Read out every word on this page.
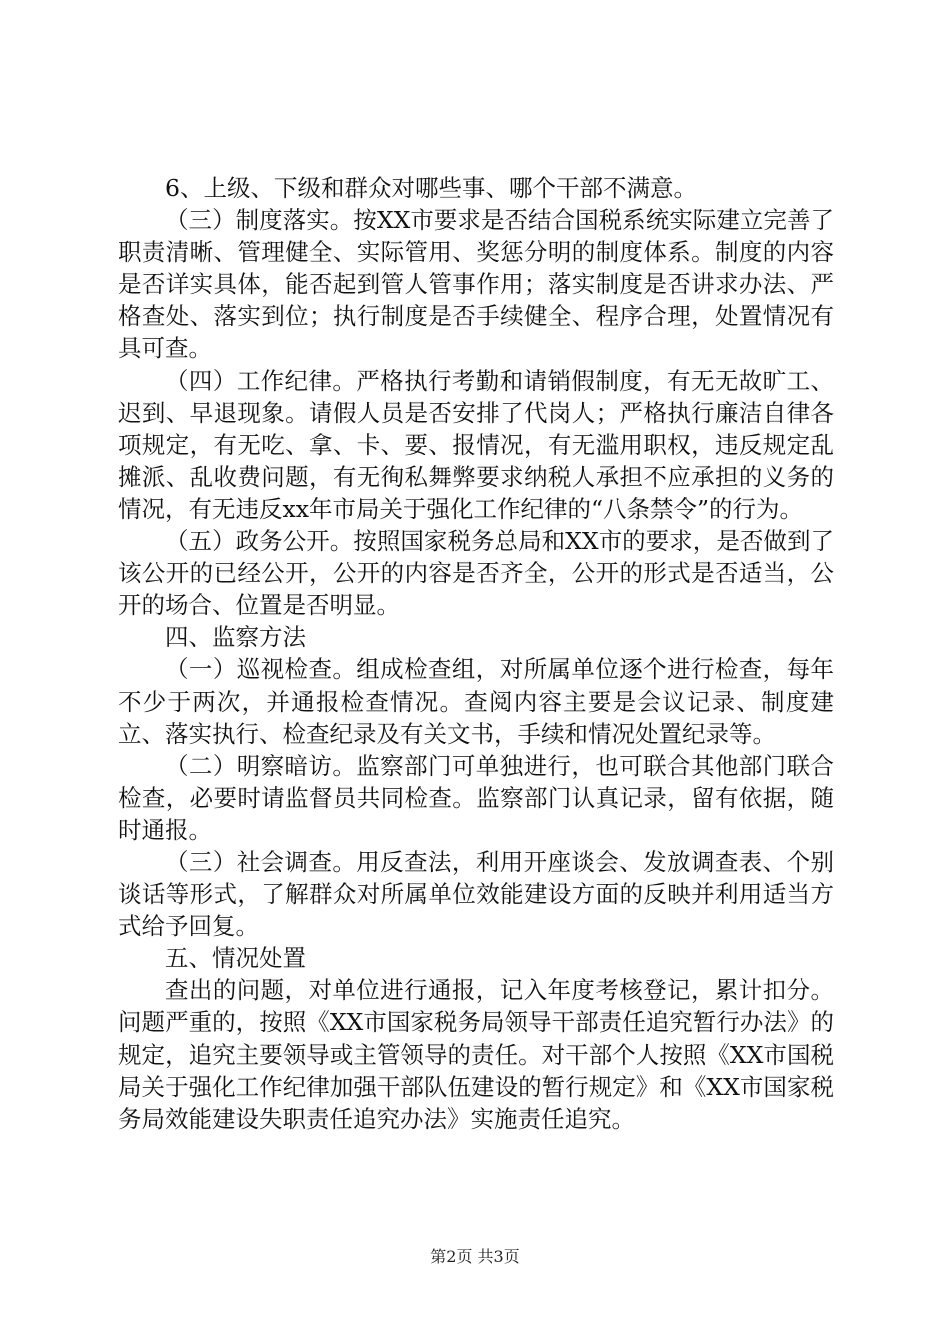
6、上级、下级和群众对哪些事、哪个干部不满意。

（三）制度落实。按XX市要求是否结合国税系统实际建立完善了职责清晰、管理健全、实际管用、奖惩分明的制度体系。制度的内容是否详实具体，能否起到管人管事作用；落实制度是否讲求办法、严格查处、落实到位；执行制度是否手续健全、程序合理，处置情况有具可查。

（四）工作纪律。严格执行考勤和请销假制度，有无无故旷工、迟到、早退现象。请假人员是否安排了代岗人；严格执行廉洁自律各项规定，有无吃、拿、卡、要、报情况，有无滥用职权，违反规定乱摊派、乱收费问题，有无徇私舞弊要求纳税人承担不应承担的义务的情况，有无违反xx年市局关于强化工作纪律的“八条禁令”的行为。

（五）政务公开。按照国家税务总局和XX市的要求，是否做到了该公开的已经公开，公开的内容是否齐全，公开的形式是否适当，公开的场合、位置是否明显。

四、监察方法

（一）巡视检查。组成检查组，对所属单位逐个进行检查，每年不少于两次，并通报检查情况。查阅内容主要是会议记录、制度建立、落实执行、检查纪录及有关文书，手续和情况处置纪录等。

（二）明察暗访。监察部门可单独进行，也可联合其他部门联合检查，必要时请监督员共同检查。监察部门认真记录，留有依据，随时通报。

（三）社会调查。用反查法，利用开座谈会、发放调查表、个别谈话等形式，了解群众对所属单位效能建设方面的反映并利用适当方式给予回复。

五、情况处置

查出的问题，对单位进行通报，记入年度考核登记，累计扣分。问题严重的，按照《XX市国家税务局领导干部责任追究暂行办法》的规定，追究主要领导或主管领导的责任。对干部个人按照《XX市国税局关于强化工作纪律加强干部队伍建设的暂行规定》和《XX市国家税务局效能建设失职责任追究办法》实施责任追究。

第2页 共3页
